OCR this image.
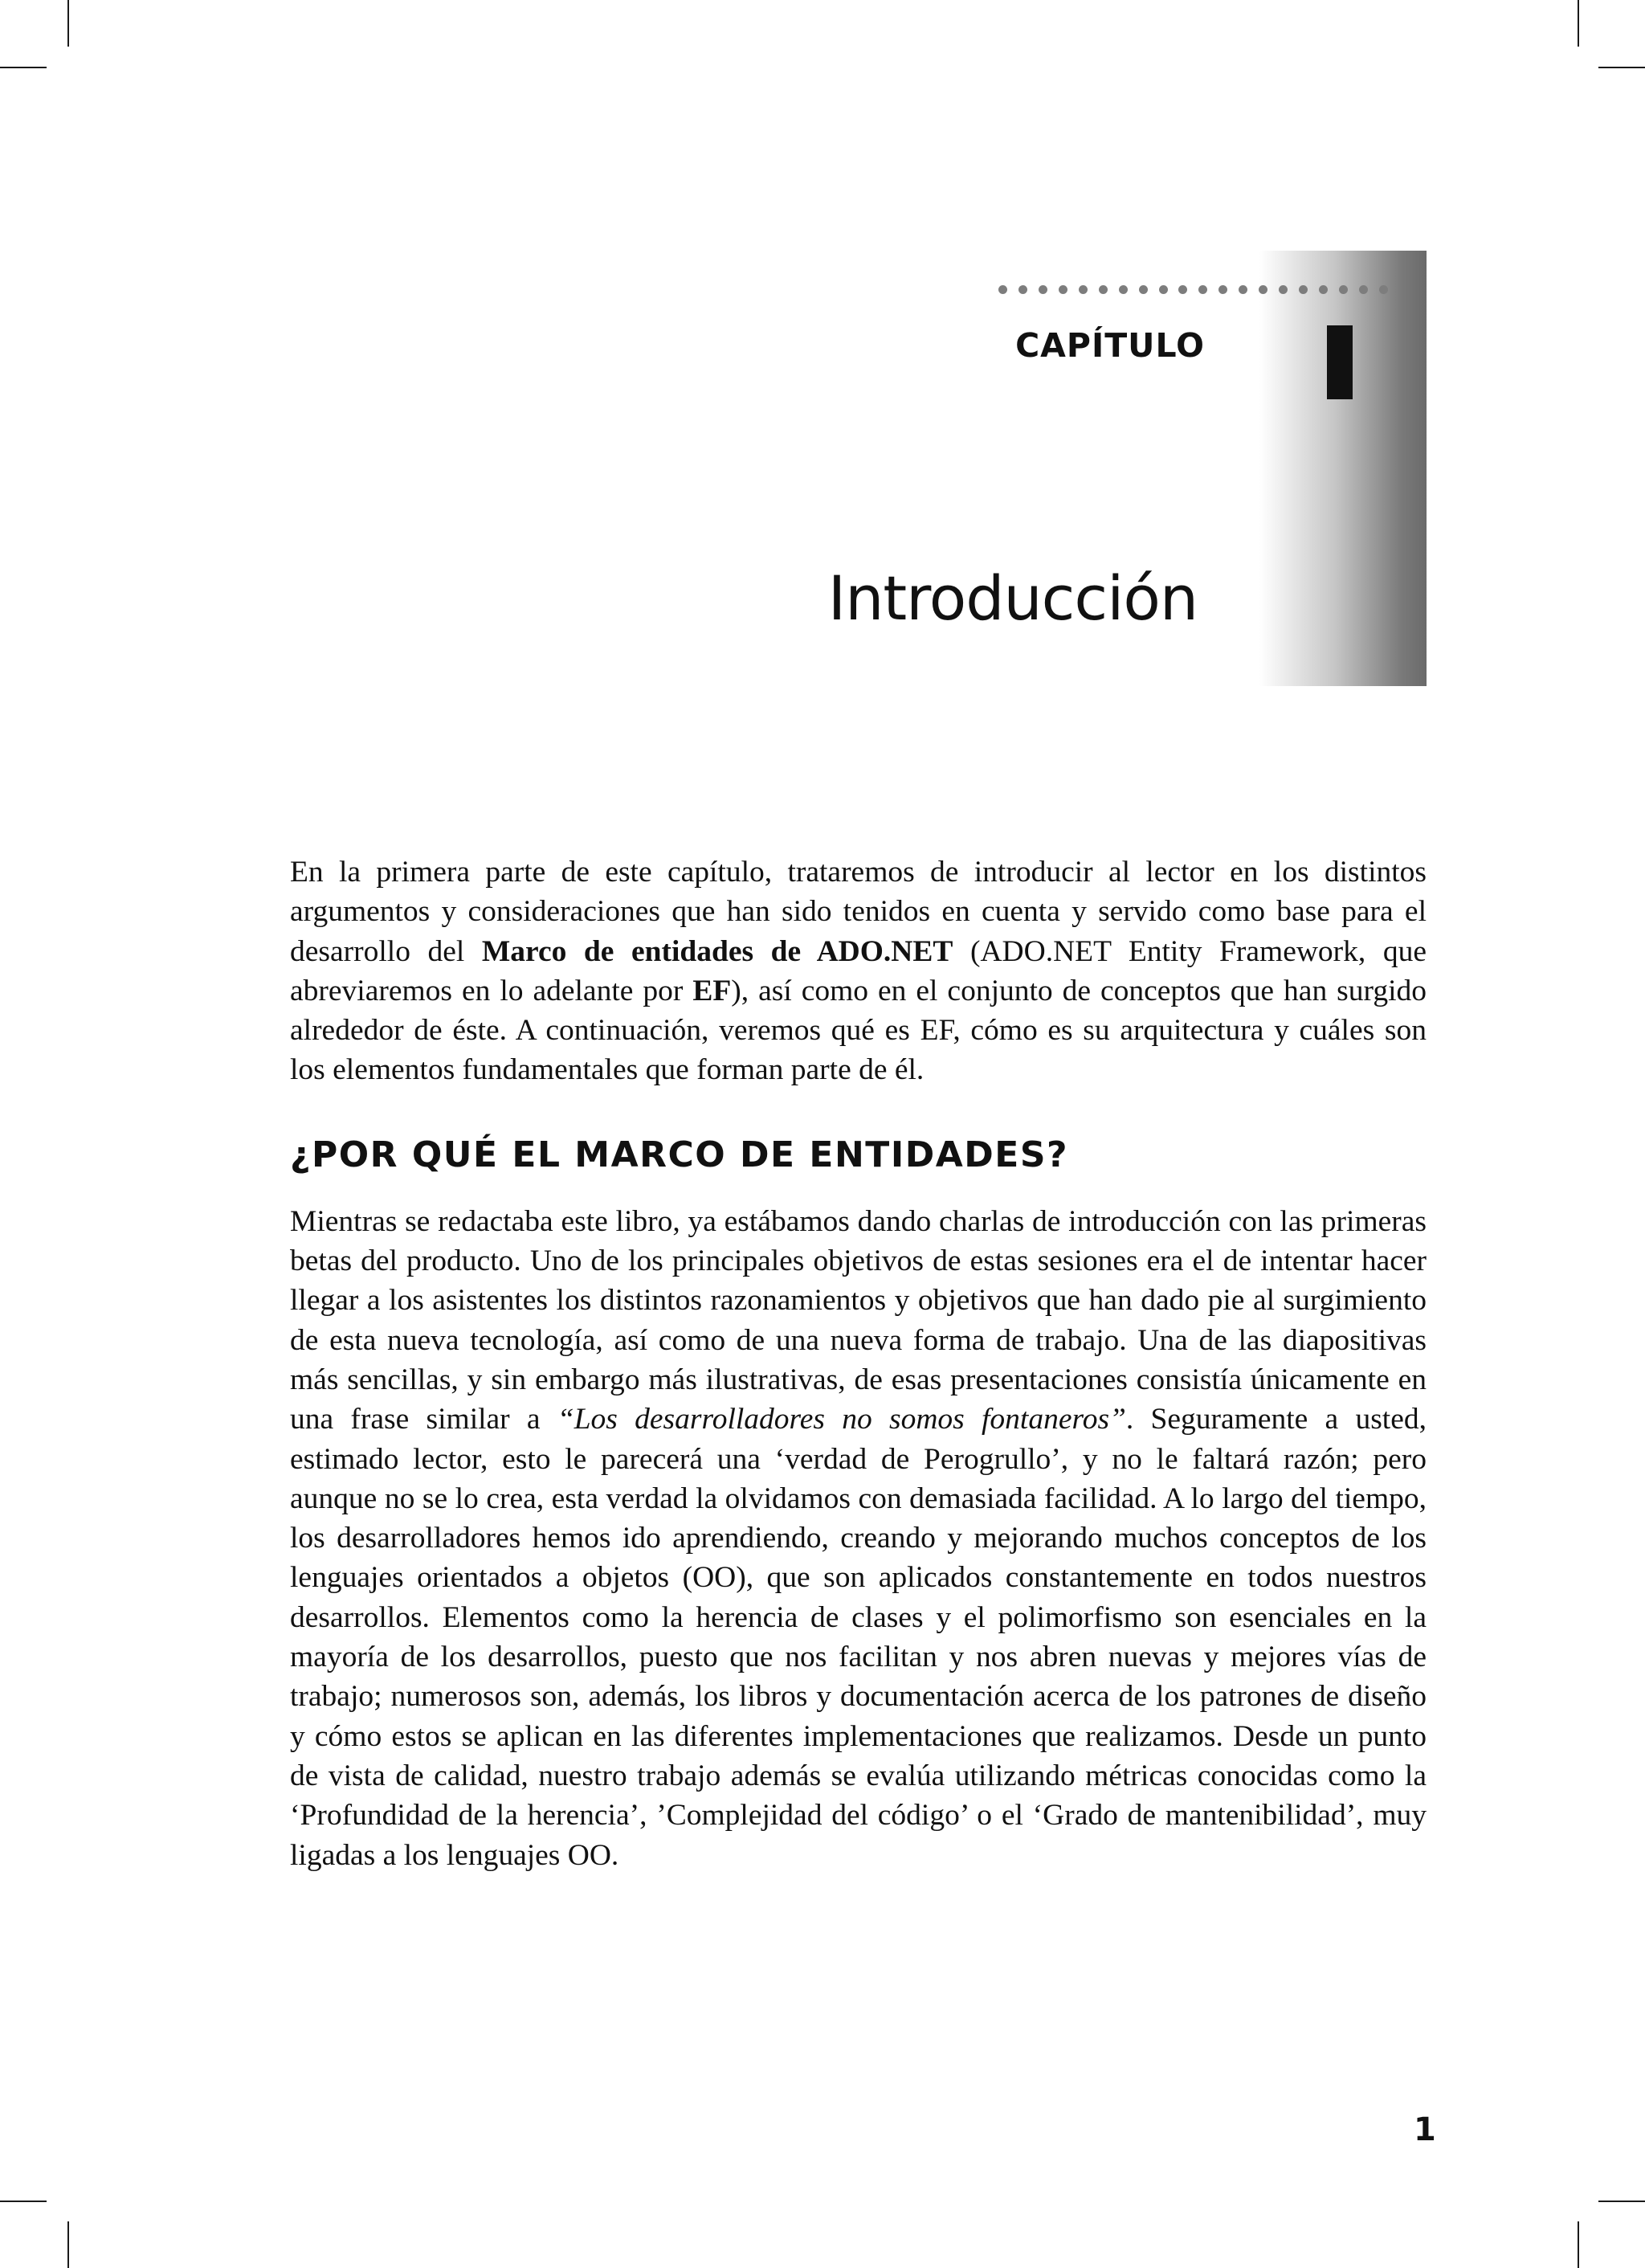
CAPÍTULO
Introducción

En la primera parte de este capítulo, trataremos de introducir al lector en los distintos argumentos y consideraciones que han sido tenidos en cuenta y servido como base para el desarrollo del Marco de entidades de ADO.NET (ADO.NET Entity Framework, que abreviaremos en lo adelante por EF), así como en el conjunto de conceptos que han surgido alrededor de éste. A continuación, veremos qué es EF, cómo es su arquitectura y cuáles son los elementos fundamentales que forman parte de él.

¿POR QUÉ EL MARCO DE ENTIDADES?

Mientras se redactaba este libro, ya estábamos dando charlas de introducción con las primeras betas del producto. Uno de los principales objetivos de estas sesiones era el de intentar hacer llegar a los asistentes los distintos razonamientos y objetivos que han dado pie al surgimiento de esta nueva tecnología, así como de una nueva forma de trabajo. Una de las diapositivas más sencillas, y sin embargo más ilustrativas, de esas presentaciones consistía únicamente en una frase similar a “Los desarrolladores no somos fontaneros”. Seguramente a usted, estimado lector, esto le parecerá una ‘verdad de Perogrullo’, y no le faltará razón; pero aunque no se lo crea, esta verdad la olvidamos con demasiada facilidad. A lo largo del tiempo, los desarrolladores hemos ido aprendiendo, creando y mejorando muchos conceptos de los lenguajes orientados a objetos (OO), que son aplicados constantemente en todos nuestros desarrollos. Elementos como la herencia de clases y el polimorfismo son esenciales en la mayoría de los desarrollos, puesto que nos facilitan y nos abren nuevas y mejores vías de trabajo; numerosos son, además, los libros y documentación acerca de los patrones de diseño y cómo estos se aplican en las diferentes implementaciones que realizamos. Desde un punto de vista de calidad, nuestro trabajo además se evalúa utilizando métricas conocidas como la ‘Profundidad de la herencia’, ’Complejidad del código’ o el ‘Grado de mantenibilidad’, muy ligadas a los lenguajes OO.

1
